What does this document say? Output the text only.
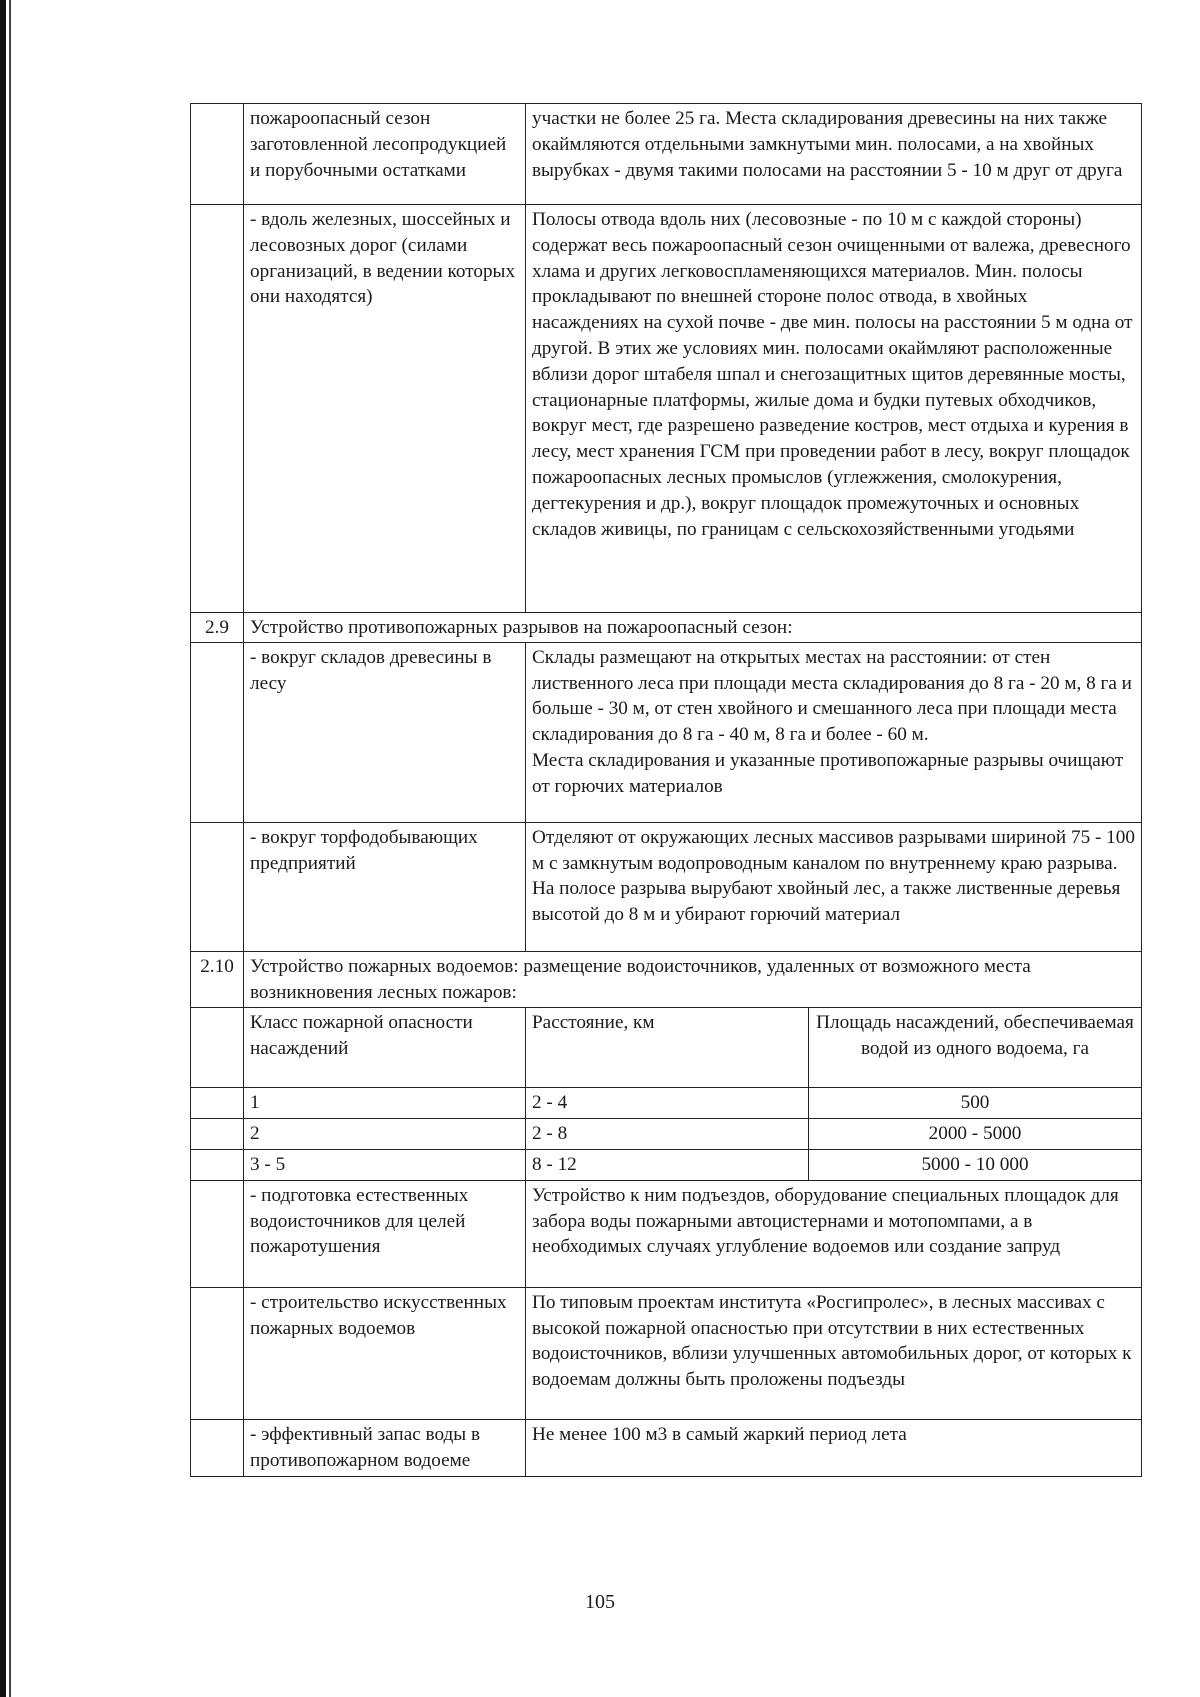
	пожароопасный сезон заготовленной лесопродукцией и порубочными остатками	участки не более 25 га. Места складирования древесины на них также окаймляются отдельными замкнутыми мин. полосами, а на хвойных вырубках - двумя такими полосами на расстоянии 5 - 10 м друг от друга	
	- вдоль железных, шоссейных и лесовозных дорог (силами организаций, в ведении которых они находятся)	Полосы отвода вдоль них (лесовозные - по 10 м с каждой стороны) содержат весь пожароопасный сезон очищенными от валежа, древесного хлама и других легковоспламеняющихся материалов. Мин. полосы прокладывают по внешней стороне полос отвода, в хвойных насаждениях на сухой почве - две мин. полосы на расстоянии 5 м одна от другой. В этих же условиях мин. полосами окаймляют расположенные вблизи дорог штабеля шпал и снегозащитных щитов деревянные мосты, стационарные платформы, жилые дома и будки путевых обходчиков, вокруг мест, где разрешено разведение костров, мест отдыха и курения в лесу, мест хранения ГСМ при проведении работ в лесу, вокруг площадок пожароопасных лесных промыслов (углежжения, смолокурения, дегтекурения и др.), вокруг площадок промежуточных и основных складов живицы, по границам с сельскохозяйственными угодьями	
2.9	Устройство противопожарных разрывов на пожароопасный сезон:		
	- вокруг складов древесины в лесу	Склады размещают на открытых местах на расстоянии: от стен лиственного леса при площади места складирования до 8 га - 20 м, 8 га и больше - 30 м, от стен хвойного и смешанного леса при площади места складирования до 8 га - 40 м, 8 га и более - 60 м.
Места складирования и указанные противопожарные разрывы очищают от горючих материалов	

	- вокруг торфодобывающих предприятий	Отделяют от окружающих лесных массивов разрывами шириной 75 - 100 м с замкнутым водопроводным каналом по внутреннему краю разрыва. На полосе разрыва вырубают хвойный лес, а также лиственные деревья высотой до 8 м и убирают горючий материал	
2.10	Устройство пожарных водоемов: размещение водоисточников, удаленных от возможного места возникновения лесных пожаров:		
	Класс пожарной опасности насаждений	Расстояние, км	Площадь насаждений, обеспечиваемая водой из одного водоема, га
	1	2 - 4	500
	2	2 - 8	2000 - 5000
	3 - 5	8 - 12	5000 - 10 000
	- подготовка естественных водоисточников для целей пожаротушения	Устройство к ним подъездов, оборудование специальных площадок для забора воды пожарными автоцистернами и мотопомпами, а в необходимых случаях углубление водоемов или создание запруд	
	- строительство искусственных пожарных водоемов	По типовым проектам института «Росгипролес», в лесных массивах с высокой пожарной опасностью при отсутствии в них естественных водоисточников, вблизи улучшенных автомобильных дорог, от которых к водоемам должны быть проложены подъезды	
	- эффективный запас воды в противопожарном водоеме	Не менее 100 м3 в самый жаркий период лета	
105
